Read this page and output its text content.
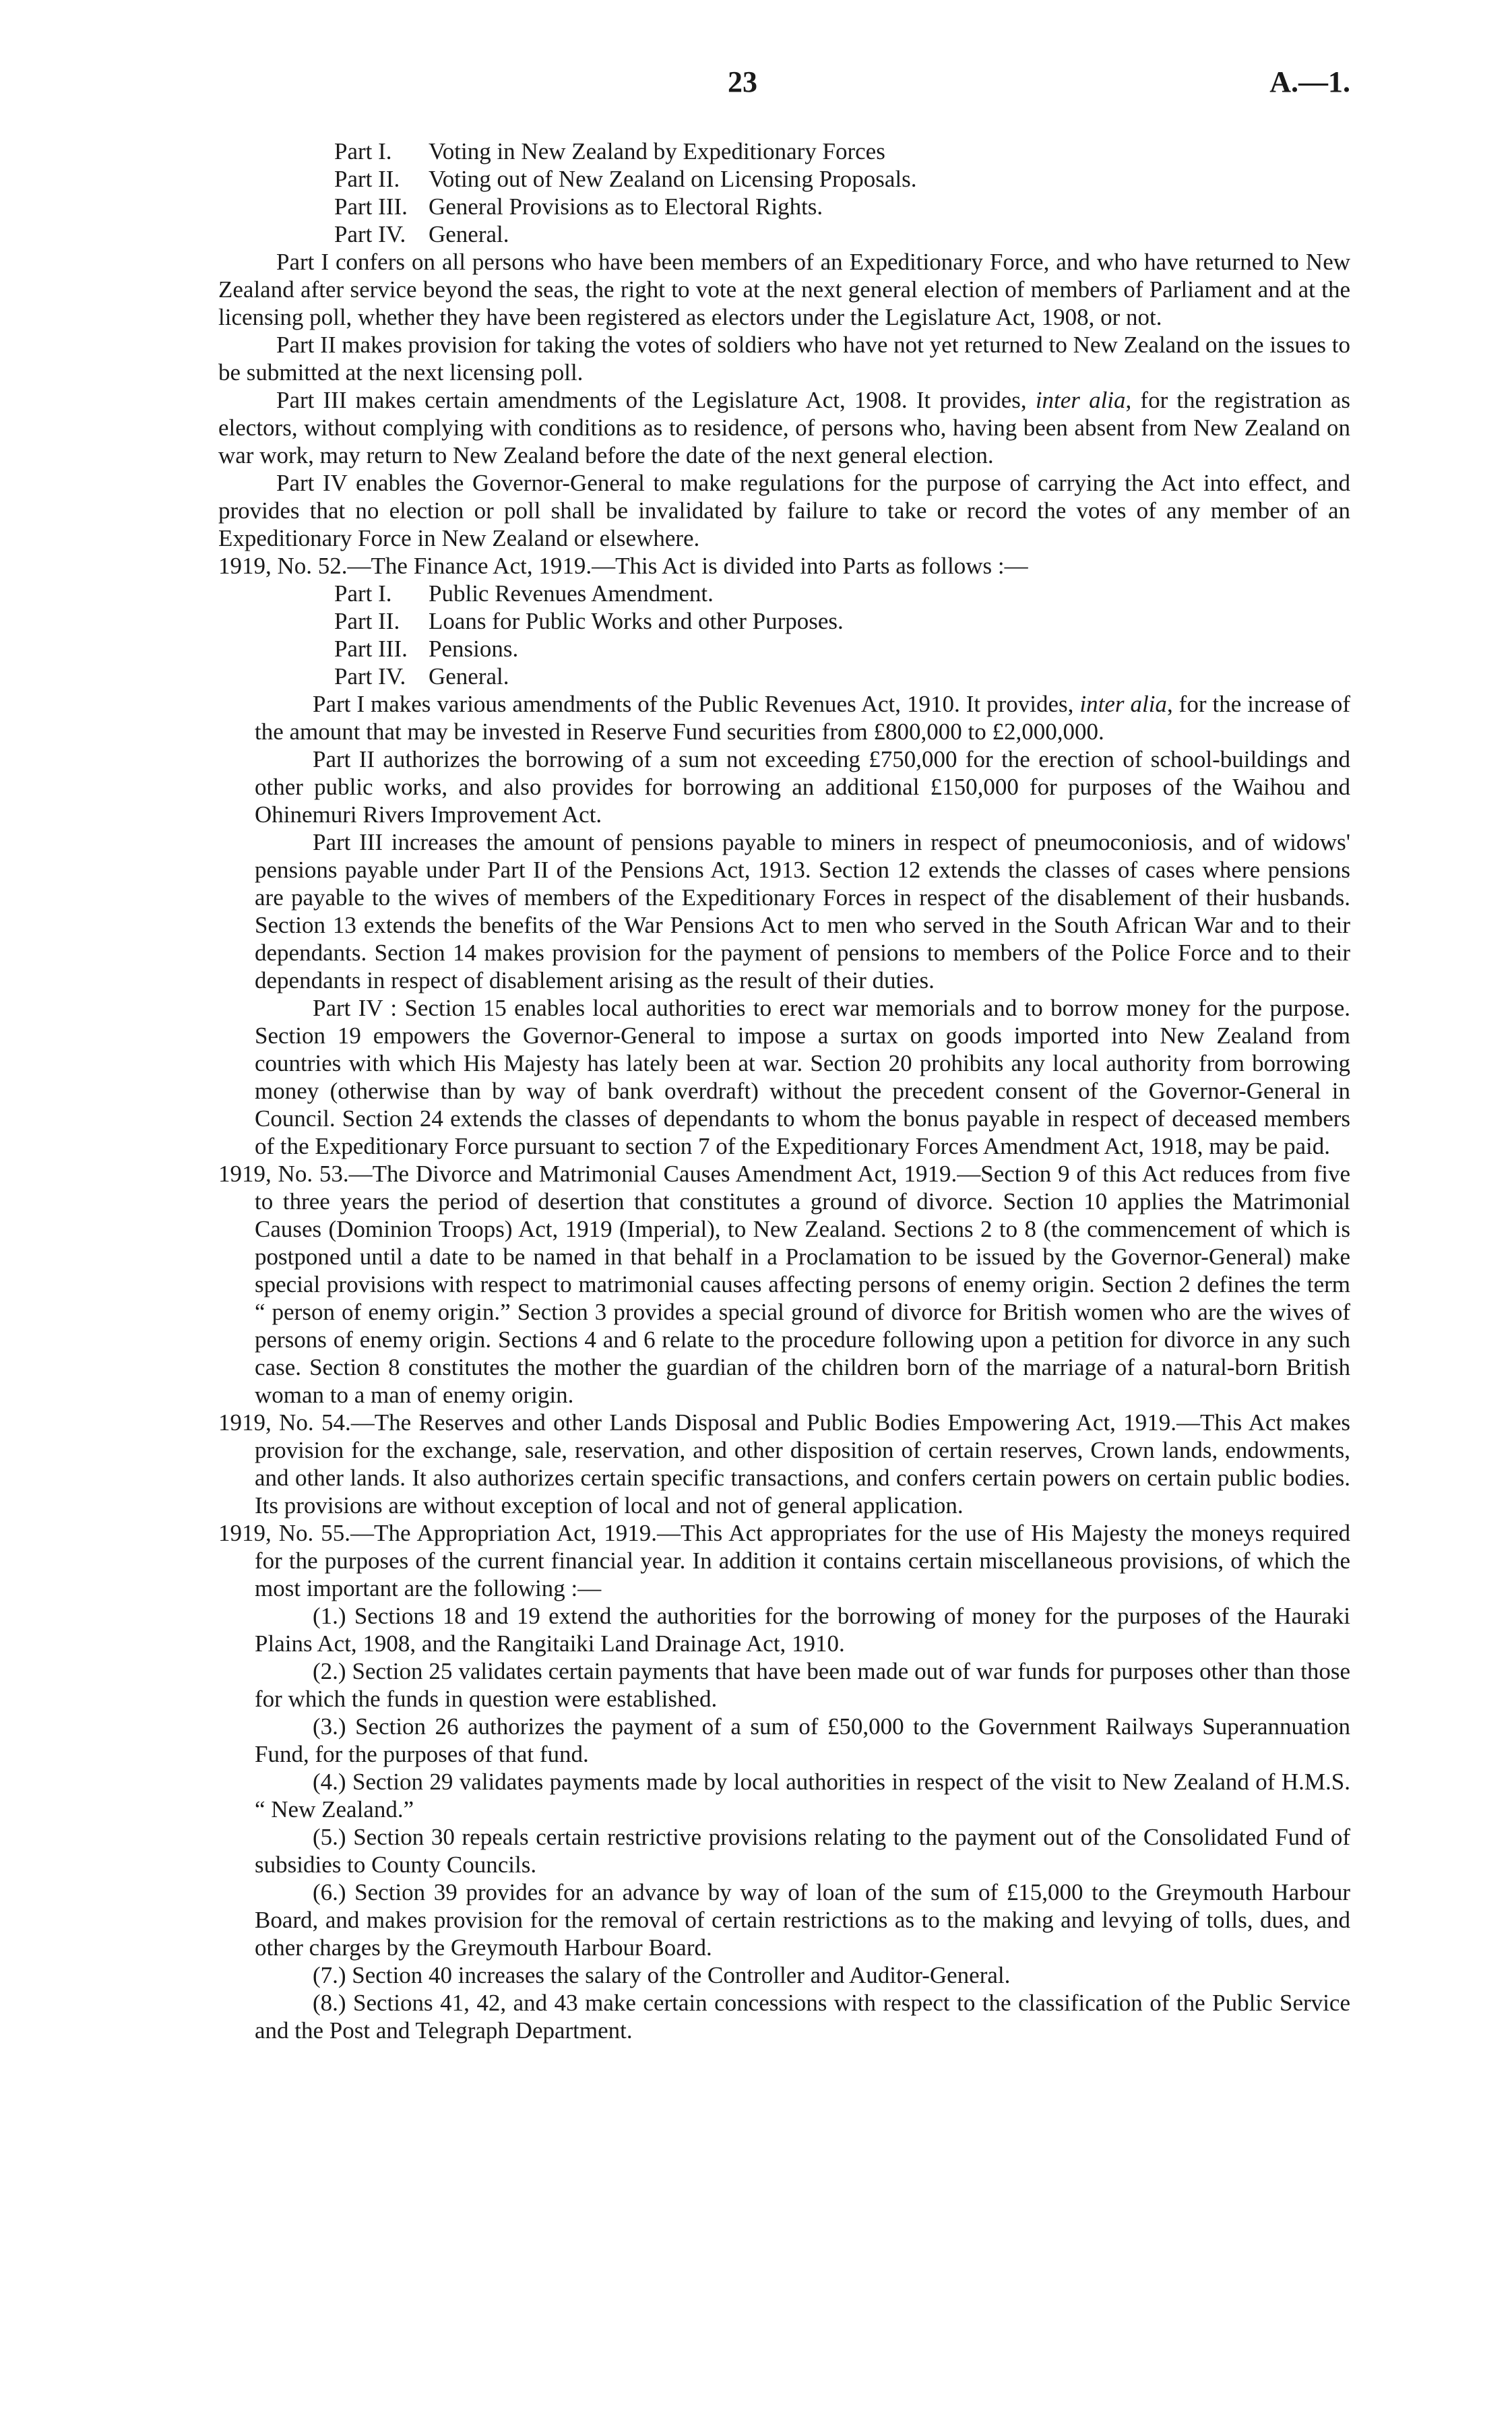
23	A.—1.
Part I. Voting in New Zealand by Expeditionary Forces
Part II. Voting out of New Zealand on Licensing Proposals.
Part III. General Provisions as to Electoral Rights.
Part IV. General.

Part I confers on all persons who have been members of an Expeditionary Force, and who have returned to New Zealand after service beyond the seas, the right to vote at the next general election of members of Parliament and at the licensing poll, whether they have been registered as electors under the Legislature Act, 1908, or not.

Part II makes provision for taking the votes of soldiers who have not yet returned to New Zealand on the issues to be submitted at the next licensing poll.

Part III makes certain amendments of the Legislature Act, 1908. It provides, inter alia, for the registration as electors, without complying with conditions as to residence, of persons who, having been absent from New Zealand on war work, may return to New Zealand before the date of the next general election.

Part IV enables the Governor-General to make regulations for the purpose of carrying the Act into effect, and provides that no election or poll shall be invalidated by failure to take or record the votes of any member of an Expeditionary Force in New Zealand or elsewhere.

1919, No. 52.—The Finance Act, 1919.—This Act is divided into Parts as follows :—

Part I. Public Revenues Amendment.
Part II. Loans for Public Works and other Purposes.
Part III. Pensions.
Part IV. General.

Part I makes various amendments of the Public Revenues Act, 1910. It provides, inter alia, for the increase of the amount that may be invested in Reserve Fund securities from £800,000 to £2,000,000.

Part II authorizes the borrowing of a sum not exceeding £750,000 for the erection of school-buildings and other public works, and also provides for borrowing an additional £150,000 for purposes of the Waihou and Ohinemuri Rivers Improvement Act.

Part III increases the amount of pensions payable to miners in respect of pneumoconiosis, and of widows' pensions payable under Part II of the Pensions Act, 1913. Section 12 extends the classes of cases where pensions are payable to the wives of members of the Expeditionary Forces in respect of the disablement of their husbands. Section 13 extends the benefits of the War Pensions Act to men who served in the South African War and to their dependants. Section 14 makes provision for the payment of pensions to members of the Police Force and to their dependants in respect of disablement arising as the result of their duties.

Part IV : Section 15 enables local authorities to erect war memorials and to borrow money for the purpose. Section 19 empowers the Governor-General to impose a surtax on goods imported into New Zealand from countries with which His Majesty has lately been at war. Section 20 prohibits any local authority from borrowing money (otherwise than by way of bank overdraft) without the precedent consent of the Governor-General in Council. Section 24 extends the classes of dependants to whom the bonus payable in respect of deceased members of the Expeditionary Force pursuant to section 7 of the Expeditionary Forces Amendment Act, 1918, may be paid.

1919, No. 53.—The Divorce and Matrimonial Causes Amendment Act, 1919.—Section 9 of this Act reduces from five to three years the period of desertion that constitutes a ground of divorce. Section 10 applies the Matrimonial Causes (Dominion Troops) Act, 1919 (Imperial), to New Zealand. Sections 2 to 8 (the commencement of which is postponed until a date to be named in that behalf in a Proclamation to be issued by the Governor-General) make special provisions with respect to matrimonial causes affecting persons of enemy origin. Section 2 defines the term “ person of enemy origin.” Section 3 provides a special ground of divorce for British women who are the wives of persons of enemy origin. Sections 4 and 6 relate to the procedure following upon a petition for divorce in any such case. Section 8 constitutes the mother the guardian of the children born of the marriage of a natural-born British woman to a man of enemy origin.

1919, No. 54.—The Reserves and other Lands Disposal and Public Bodies Empowering Act, 1919.—This Act makes provision for the exchange, sale, reservation, and other disposition of certain reserves, Crown lands, endowments, and other lands. It also authorizes certain specific transactions, and confers certain powers on certain public bodies. Its provisions are without exception of local and not of general application.

1919, No. 55.—The Appropriation Act, 1919.—This Act appropriates for the use of His Majesty the moneys required for the purposes of the current financial year. In addition it contains certain miscellaneous provisions, of which the most important are the following :—

(1.) Sections 18 and 19 extend the authorities for the borrowing of money for the purposes of the Hauraki Plains Act, 1908, and the Rangitaiki Land Drainage Act, 1910.

(2.) Section 25 validates certain payments that have been made out of war funds for purposes other than those for which the funds in question were established.

(3.) Section 26 authorizes the payment of a sum of £50,000 to the Government Railways Superannuation Fund, for the purposes of that fund.

(4.) Section 29 validates payments made by local authorities in respect of the visit to New Zealand of H.M.S. “ New Zealand.”

(5.) Section 30 repeals certain restrictive provisions relating to the payment out of the Consolidated Fund of subsidies to County Councils.

(6.) Section 39 provides for an advance by way of loan of the sum of £15,000 to the Greymouth Harbour Board, and makes provision for the removal of certain restrictions as to the making and levying of tolls, dues, and other charges by the Greymouth Harbour Board.

(7.) Section 40 increases the salary of the Controller and Auditor-General.

(8.) Sections 41, 42, and 43 make certain concessions with respect to the classification of the Public Service and the Post and Telegraph Department.
